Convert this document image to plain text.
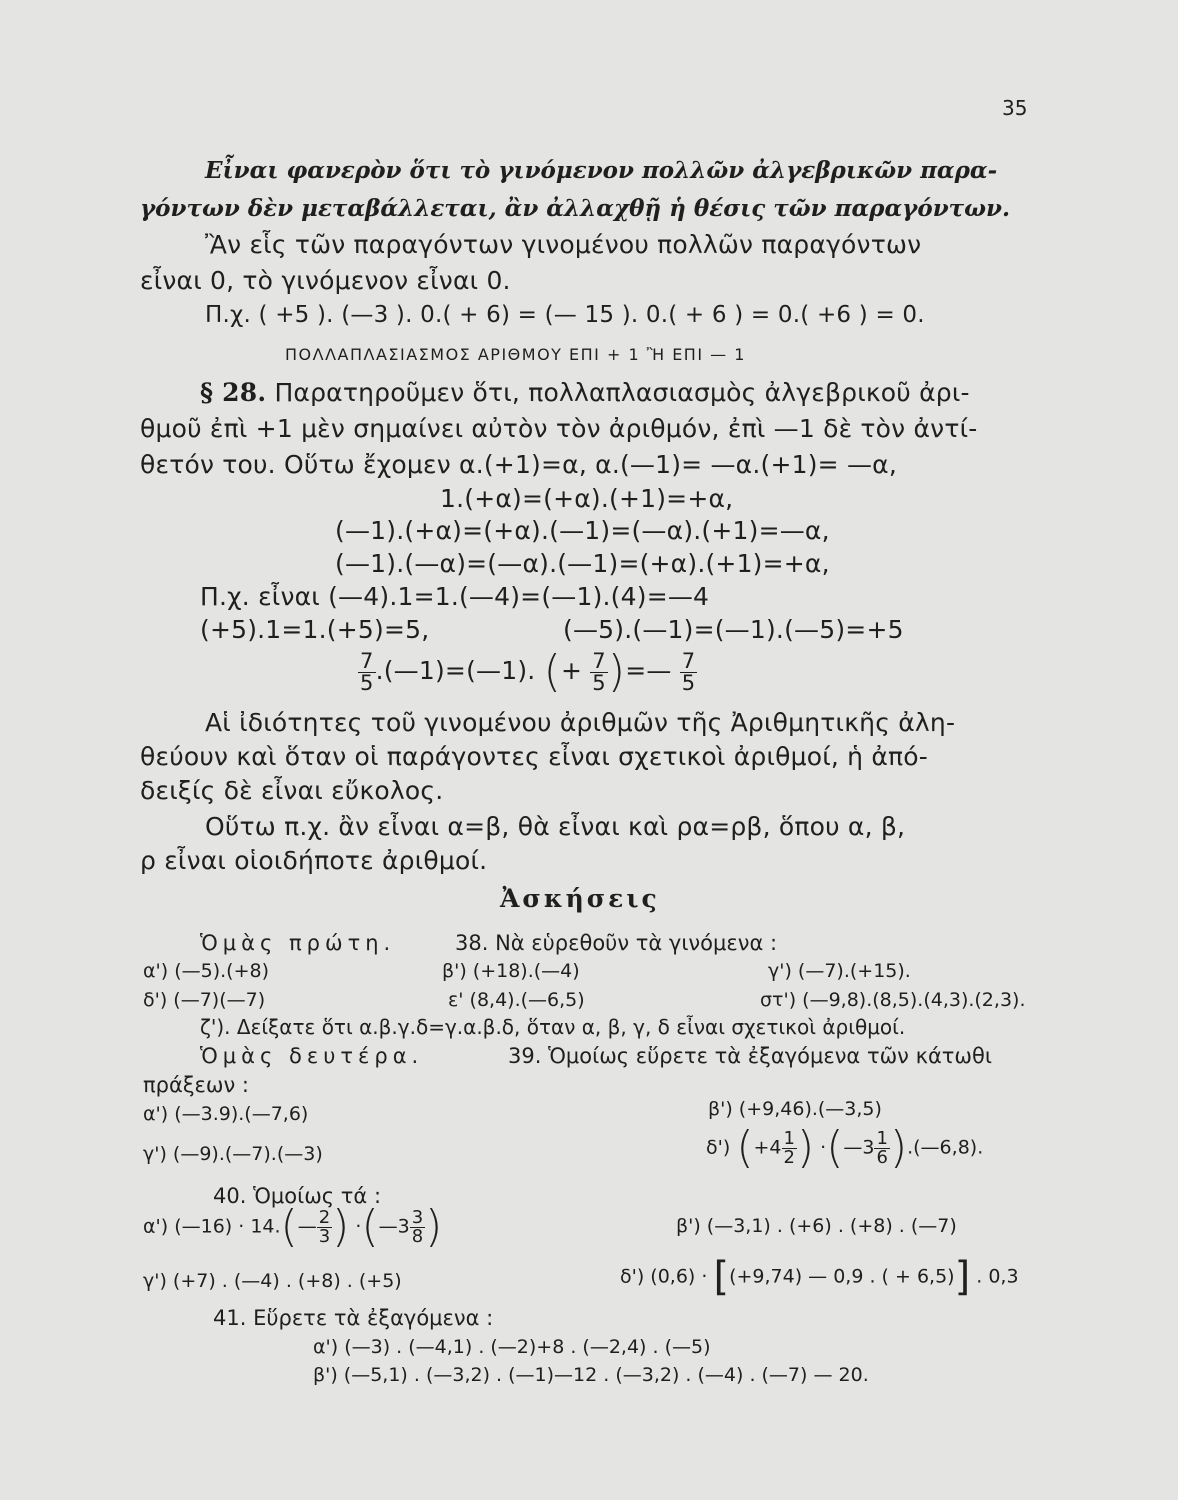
35
Εἶναι φανερὸν ὅτι τὸ γινόμενον πολλῶν ἀλγεβρικῶν παρα-
γόντων δὲν μεταβάλλεται, ἂν ἀλλαχθῇ ἡ θέσις τῶν παραγόντων.
Ἂν εἷς τῶν παραγόντων γινομένου πολλῶν παραγόντων
εἶναι 0, τὸ γινόμενον εἶναι 0.
Π.χ. ( +5 ). (—3 ). 0.( + 6) = (— 15 ). 0.( + 6 ) = 0.( +6 ) = 0.
ΠΟΛΛΑΠΛΑΣΙΑΣΜΟΣ ΑΡΙΘΜΟΥ ΕΠΙ + 1 Ἢ ΕΠΙ — 1
§ 28. Παρατηροῦμεν ὅτι, πολλαπλασιασμὸς ἀλγεβρικοῦ ἀρι-
θμοῦ ἐπὶ +1 μὲν σημαίνει αὐτὸν τὸν ἀριθμόν, ἐπὶ —1 δὲ τὸν ἀντί-
θετόν του. Οὕτω ἔχομεν α.(+1)=α, α.(—1)= —α.(+1)= —α,
1.(+α)=(+α).(+1)=+α,
(—1).(+α)=(+α).(—1)=(—α).(+1)=—α,
(—1).(—α)=(—α).(—1)=(+α).(+1)=+α,
Π.χ. εἶναι (—4).1=1.(—4)=(—1).(4)=—4
(+5).1=1.(+5)=5,	(—5).(—1)=(—1).(—5)=+5
$\frac{7}{5}$ .(—1)=(—1). (+ $\frac{7}{5}$ )=— $\frac{7}{5}$
Αἱ ἰδιότητες τοῦ γινομένου ἀριθμῶν τῆς Ἀριθμητικῆς ἀλη-
θεύουν καὶ ὅταν οἱ παράγοντες εἶναι σχετικοὶ ἀριθμοί, ἡ ἀπό-
δειξίς δὲ εἶναι εὔκολος.
Οὕτω π.χ. ἂν εἶναι α=β, θὰ εἶναι καὶ ρα=ρβ, ὅπου α, β,
ρ εἶναι οἱοιδήποτε ἀριθμοί.
Ἀσκήσεις
Ὁμὰς πρώτη.	38. Νὰ εὑρεθοῦν τὰ γινόμενα :
α') (—5).(+8)	β') (+18).(—4)	γ') (—7).(+15).
δ') (—7)(—7)	ε' (8,4).(—6,5)	στ') (—9,8).(8,5).(4,3).(2,3).
ζ'). Δείξατε ὅτι α.β.γ.δ=γ.α.β.δ, ὅταν α, β, γ, δ εἶναι σχετικοὶ ἀριθμοί.
Ὁμὰς δευτέρα.	39. Ὁμοίως εὕρετε τὰ ἐξαγόμενα τῶν κάτωθι
πράξεων :
α') (—3.9).(—7,6)	β') (+9,46).(—3,5)
γ') (—9).(—7).(—3)	δ') ($+4 \frac{1}{2}$ ) ·(—3 $\frac{1}{6}$ ).(—6,8).
40. Ὁμοίως τά :
α') (—16) · 14.(— $\frac{2}{3}$ ) ·(—3 $\frac{3}{8}$ )	β') (—3,1) . (+6) . (+8) . (—7)
γ') (+7) . (—4) . (+8) . (+5)	δ') (0,6) · [(+9,74) — 0,9 . ( + 6,5)] . 0,3
41. Εὕρετε τὰ ἐξαγόμενα :
α') (—3) . (—4,1) . (—2)+8 . (—2,4) . (—5)
β') (—5,1) . (—3,2) . (—1)—12 . (—3,2) . (—4) . (—7) — 20.
